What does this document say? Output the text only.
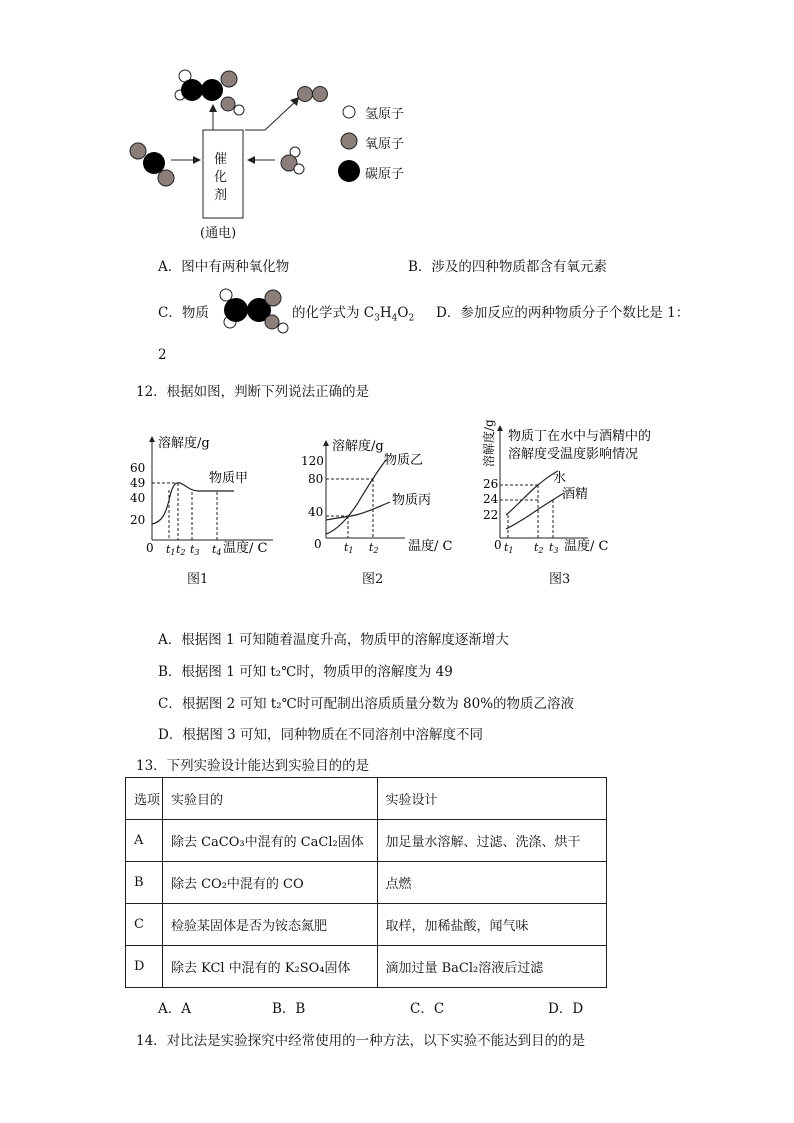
催
化
剂
(通电)
氢原子
氧原子
碳原子
A．图中有两种氧化物	B．涉及的四种物质都含有氧元素
C．物质	的化学式为 $C_3H_4O_2$ D．参加反应的两种物质分子个数比是 1：
2
12．根据如图，判断下列说法正确的是
溶解度/g
60
49
40
20
0
物质甲
t1 t2 t3 t4 温度/ C
图1
溶解度/g
120
80
40
0
物质乙
物质丙
t1 t2 温度/ C
图2
溶解度/g 物质丁在水中与酒精中的
溶解度受温度影响情况
26
24
22
0
水
酒精
t1 t2 t3 温度/ C
图3
A．根据图 1 可知随着温度升高，物质甲的溶解度逐渐增大
B．根据图 1 可知 t₂℃时，物质甲的溶解度为 49
C．根据图 2 可知 t₂℃时可配制出溶质质量分数为 80%的物质乙溶液
D．根据图 3 可知，同种物质在不同溶剂中溶解度不同
13．下列实验设计能达到实验目的的是
选项	实验目的	实验设计
A	除去 CaCO₃中混有的 CaCl₂固体	加足量水溶解、过滤、洗涤、烘干
B	除去 CO₂中混有的 CO	点燃
C	检验某固体是否为铵态氮肥	取样，加稀盐酸，闻气味
D	除去 KCl 中混有的 K₂SO₄固体	滴加过量 BaCl₂溶液后过滤
A．A	B．B	C．C	D．D
14．对比法是实验探究中经常使用的一种方法，以下实验不能达到目的的是
